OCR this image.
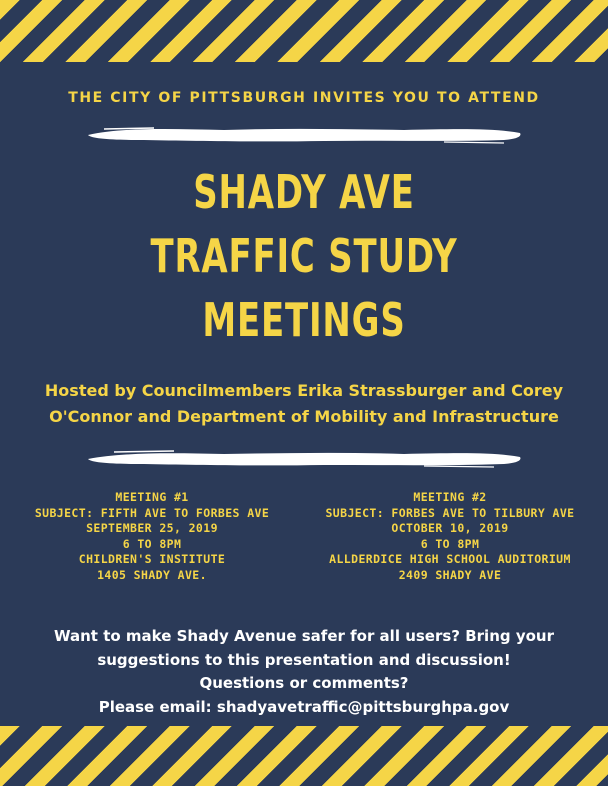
THE CITY OF PITTSBURGH INVITES YOU TO ATTEND
SHADY AVE
TRAFFIC STUDY
MEETINGS
Hosted by Councilmembers Erika Strassburger and Corey
O'Connor and Department of Mobility and Infrastructure
MEETING #1
SUBJECT: FIFTH AVE TO FORBES AVE
SEPTEMBER 25, 2019
6 TO 8PM
CHILDREN'S INSTITUTE
1405 SHADY AVE.
MEETING #2
SUBJECT: FORBES AVE TO TILBURY AVE
OCTOBER 10, 2019
6 TO 8PM
ALLDERDICE HIGH SCHOOL AUDITORIUM
2409 SHADY AVE
Want to make Shady Avenue safer for all users? Bring your
suggestions to this presentation and discussion!
Questions or comments?
Please email: shadyavetraffic@pittsburghpa.gov
